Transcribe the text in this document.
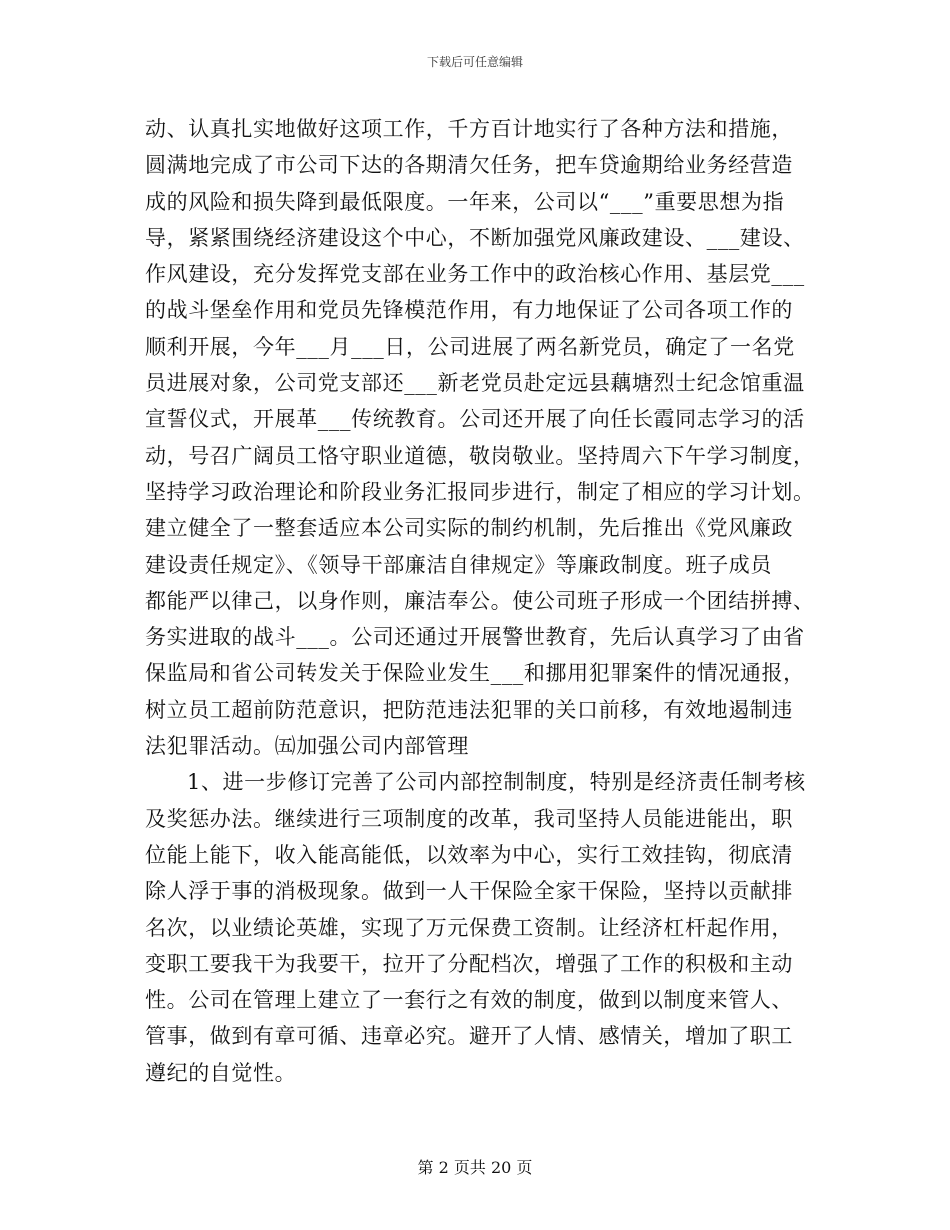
下载后可任意编辑
动、认真扎实地做好这项工作，千方百计地实行了各种方法和措施，
圆满地完成了市公司下达的各期清欠任务，把车贷逾期给业务经营造
成的风险和损失降到最低限度。一年来，公司以“___”重要思想为指
导，紧紧围绕经济建设这个中心，不断加强党风廉政建设、___建设、
作风建设，充分发挥党支部在业务工作中的政治核心作用、基层党___
的战斗堡垒作用和党员先锋模范作用，有力地保证了公司各项工作的
顺利开展，今年___月___日，公司进展了两名新党员，确定了一名党
员进展对象，公司党支部还___新老党员赴定远县藕塘烈士纪念馆重温
宣誓仪式，开展革___传统教育。公司还开展了向任长霞同志学习的活
动，号召广阔员工恪守职业道德，敬岗敬业。坚持周六下午学习制度，
坚持学习政治理论和阶段业务汇报同步进行，制定了相应的学习计划。
建立健全了一整套适应本公司实际的制约机制，先后推出《党风廉政
建设责任规定》、《领导干部廉洁自律规定》等廉政制度。班子成员
都能严以律己，以身作则，廉洁奉公。使公司班子形成一个团结拼搏、
务实进取的战斗___。公司还通过开展警世教育，先后认真学习了由省
保监局和省公司转发关于保险业发生___和挪用犯罪案件的情况通报，
树立员工超前防范意识，把防范违法犯罪的关口前移，有效地遏制违
法犯罪活动。㈤加强公司内部管理
1、进一步修订完善了公司内部控制制度，特别是经济责任制考核
及奖惩办法。继续进行三项制度的改革，我司坚持人员能进能出，职
位能上能下，收入能高能低，以效率为中心，实行工效挂钩，彻底清
除人浮于事的消极现象。做到一人干保险全家干保险，坚持以贡献排
名次，以业绩论英雄，实现了万元保费工资制。让经济杠杆起作用，
变职工要我干为我要干，拉开了分配档次，增强了工作的积极和主动
性。公司在管理上建立了一套行之有效的制度，做到以制度来管人、
管事，做到有章可循、违章必究。避开了人情、感情关，增加了职工
遵纪的自觉性。
第 2 页共 20 页
